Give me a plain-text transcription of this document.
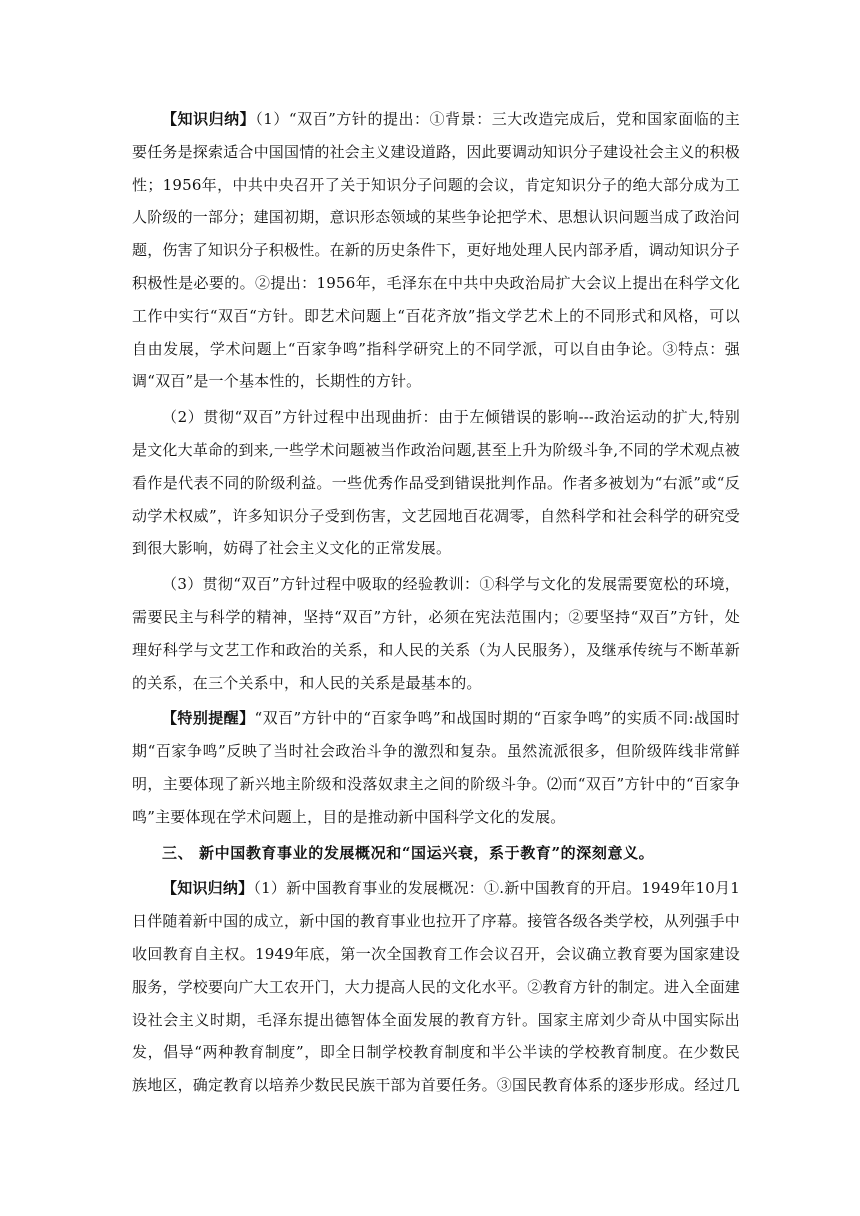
【知识归纳】（1）“双百”方针的提出：①背景：三大改造完成后，党和国家面临的主要任务是探索适合中国国情的社会主义建设道路，因此要调动知识分子建设社会主义的积极性；1956年，中共中央召开了关于知识分子问题的会议，肯定知识分子的绝大部分成为工人阶级的一部分；建国初期，意识形态领域的某些争论把学术、思想认识问题当成了政治问题，伤害了知识分子积极性。在新的历史条件下，更好地处理人民内部矛盾，调动知识分子积极性是必要的。②提出：1956年，毛泽东在中共中央政治局扩大会议上提出在科学文化工作中实行“双百“方针。即艺术问题上“百花齐放”指文学艺术上的不同形式和风格，可以自由发展，学术问题上“百家争鸣”指科学研究上的不同学派，可以自由争论。③特点：强调“双百”是一个基本性的，长期性的方针。

（2）贯彻“双百”方针过程中出现曲折：由于左倾错误的影响---政治运动的扩大,特别是文化大革命的到来,一些学术问题被当作政治问题,甚至上升为阶级斗争,不同的学术观点被看作是代表不同的阶级利益。一些优秀作品受到错误批判作品。作者多被划为“右派”或“反动学术权威”，许多知识分子受到伤害，文艺园地百花凋零，自然科学和社会科学的研究受到很大影响，妨碍了社会主义文化的正常发展。

（3）贯彻“双百”方针过程中吸取的经验教训：①科学与文化的发展需要宽松的环境，需要民主与科学的精神，坚持“双百”方针，必须在宪法范围内；②要坚持“双百”方针，处理好科学与文艺工作和政治的关系，和人民的关系（为人民服务），及继承传统与不断革新的关系，在三个关系中，和人民的关系是最基本的。

【特别提醒】“双百”方针中的“百家争鸣”和战国时期的“百家争鸣”的实质不同:战国时期“百家争鸣”反映了当时社会政治斗争的激烈和复杂。虽然流派很多，但阶级阵线非常鲜明，主要体现了新兴地主阶级和没落奴隶主之间的阶级斗争。⑵而“双百”方针中的“百家争鸣”主要体现在学术问题上，目的是推动新中国科学文化的发展。

三、 新中国教育事业的发展概况和“国运兴衰，系于教育”的深刻意义。

【知识归纳】（1）新中国教育事业的发展概况：①.新中国教育的开启。1949年10月1日伴随着新中国的成立，新中国的教育事业也拉开了序幕。接管各级各类学校，从列强手中收回教育自主权。1949年底，第一次全国教育工作会议召开，会议确立教育要为国家建设服务，学校要向广大工农开门，大力提高人民的文化水平。②教育方针的制定。进入全面建设社会主义时期，毛泽东提出德智体全面发展的教育方针。国家主席刘少奇从中国实际出发，倡导“两种教育制度”，即全日制学校教育制度和半公半读的学校教育制度。在少数民族地区，确定教育以培养少数民民族干部为首要任务。③国民教育体系的逐步形成。经过几
